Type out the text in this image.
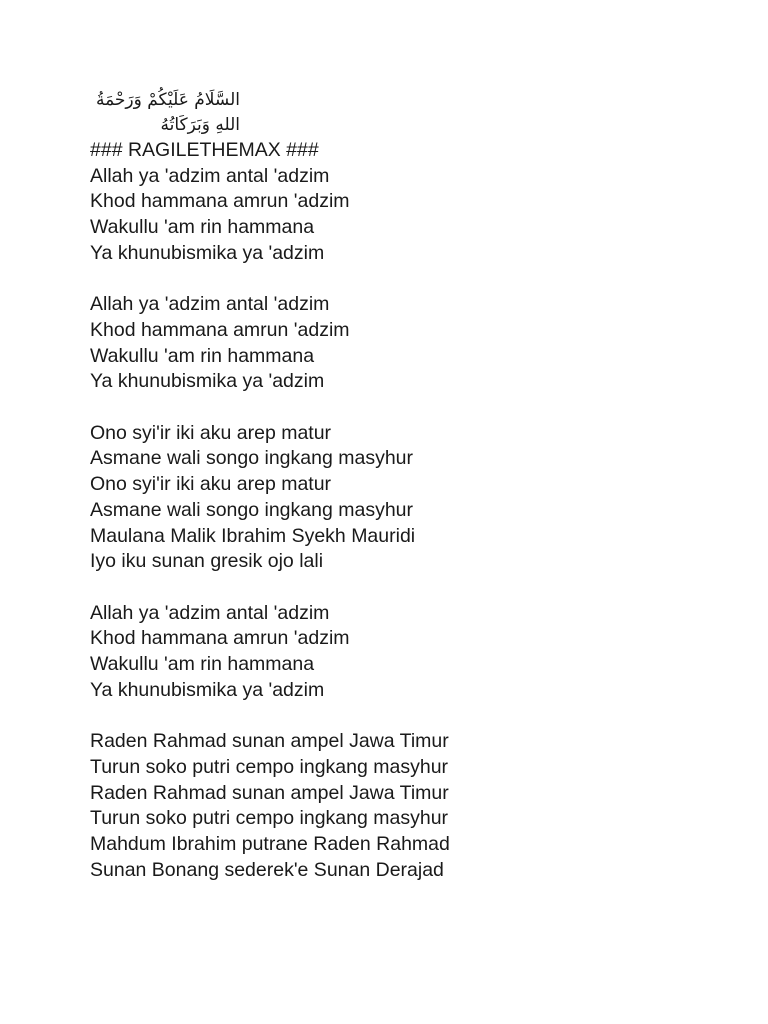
السَّلَامُ عَلَيْكُمْ وَرَحْمَةُ اللهِ وَبَرَكَاتُهُ
### RAGILETHEMAX ###
Allah ya 'adzim antal 'adzim
Khod hammana amrun 'adzim
Wakullu 'am rin hammana
Ya khunubismika ya 'adzim
Allah ya 'adzim antal 'adzim
Khod hammana amrun 'adzim
Wakullu 'am rin hammana
Ya khunubismika ya 'adzim
Ono syi'ir iki aku arep matur
Asmane wali songo ingkang masyhur
Ono syi'ir iki aku arep matur
Asmane wali songo ingkang masyhur
Maulana Malik Ibrahim Syekh Mauridi
Iyo iku sunan gresik ojo lali
Allah ya 'adzim antal 'adzim
Khod hammana amrun 'adzim
Wakullu 'am rin hammana
Ya khunubismika ya 'adzim
Raden Rahmad sunan ampel Jawa Timur
Turun soko putri cempo ingkang masyhur
Raden Rahmad sunan ampel Jawa Timur
Turun soko putri cempo ingkang masyhur
Mahdum Ibrahim putrane Raden Rahmad
Sunan Bonang sederek'e Sunan Derajad
